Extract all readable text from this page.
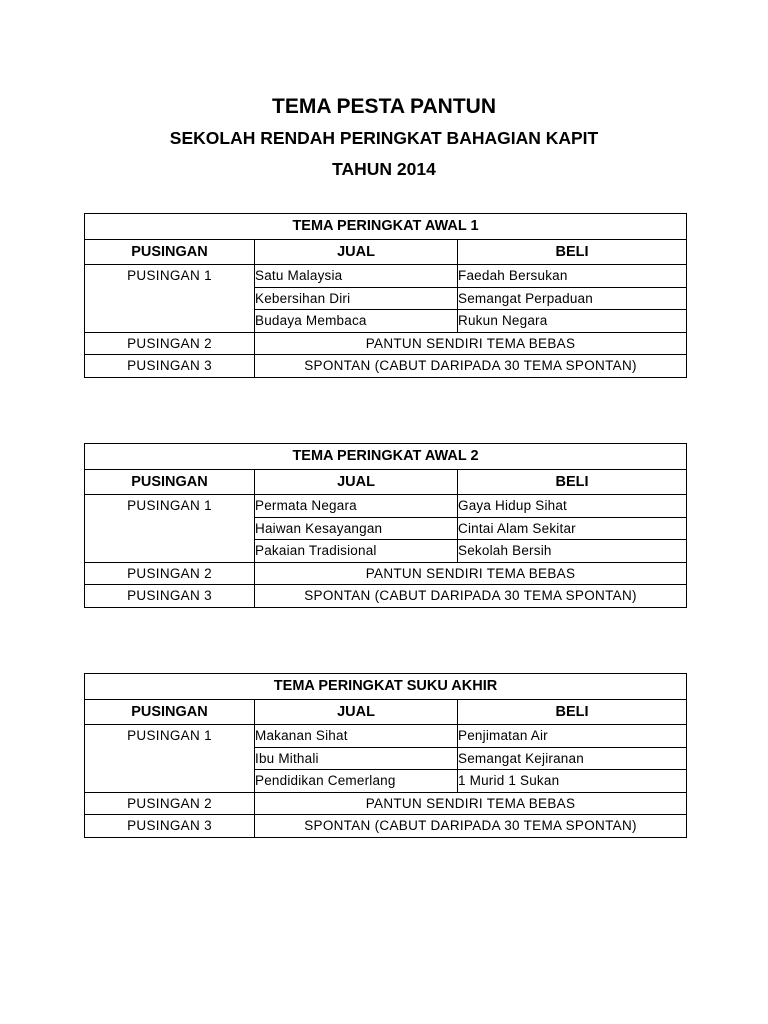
TEMA PESTA PANTUN
SEKOLAH RENDAH PERINGKAT BAHAGIAN KAPIT
TAHUN 2014
TEMA PERINGKAT AWAL 1		
PUSINGAN	JUAL	BELI
PUSINGAN 1	Satu Malaysia	Faedah Bersukan
	Kebersihan Diri	Semangat Perpaduan
	Budaya Membaca	Rukun Negara
PUSINGAN 2	PANTUN SENDIRI TEMA BEBAS	
PUSINGAN 3	SPONTAN (CABUT DARIPADA 30 TEMA SPONTAN)	
TEMA PERINGKAT AWAL 2		
PUSINGAN	JUAL	BELI
PUSINGAN 1	Permata Negara	Gaya Hidup Sihat
	Haiwan Kesayangan	Cintai Alam Sekitar
	Pakaian Tradisional	Sekolah Bersih
PUSINGAN 2	PANTUN SENDIRI TEMA BEBAS	
PUSINGAN 3	SPONTAN (CABUT DARIPADA 30 TEMA SPONTAN)	
TEMA PERINGKAT SUKU AKHIR		
PUSINGAN	JUAL	BELI
PUSINGAN 1	Makanan Sihat	Penjimatan Air
	Ibu Mithali	Semangat Kejiranan
	Pendidikan Cemerlang	1 Murid 1 Sukan
PUSINGAN 2	PANTUN SENDIRI TEMA BEBAS	
PUSINGAN 3	SPONTAN (CABUT DARIPADA 30 TEMA SPONTAN)	
